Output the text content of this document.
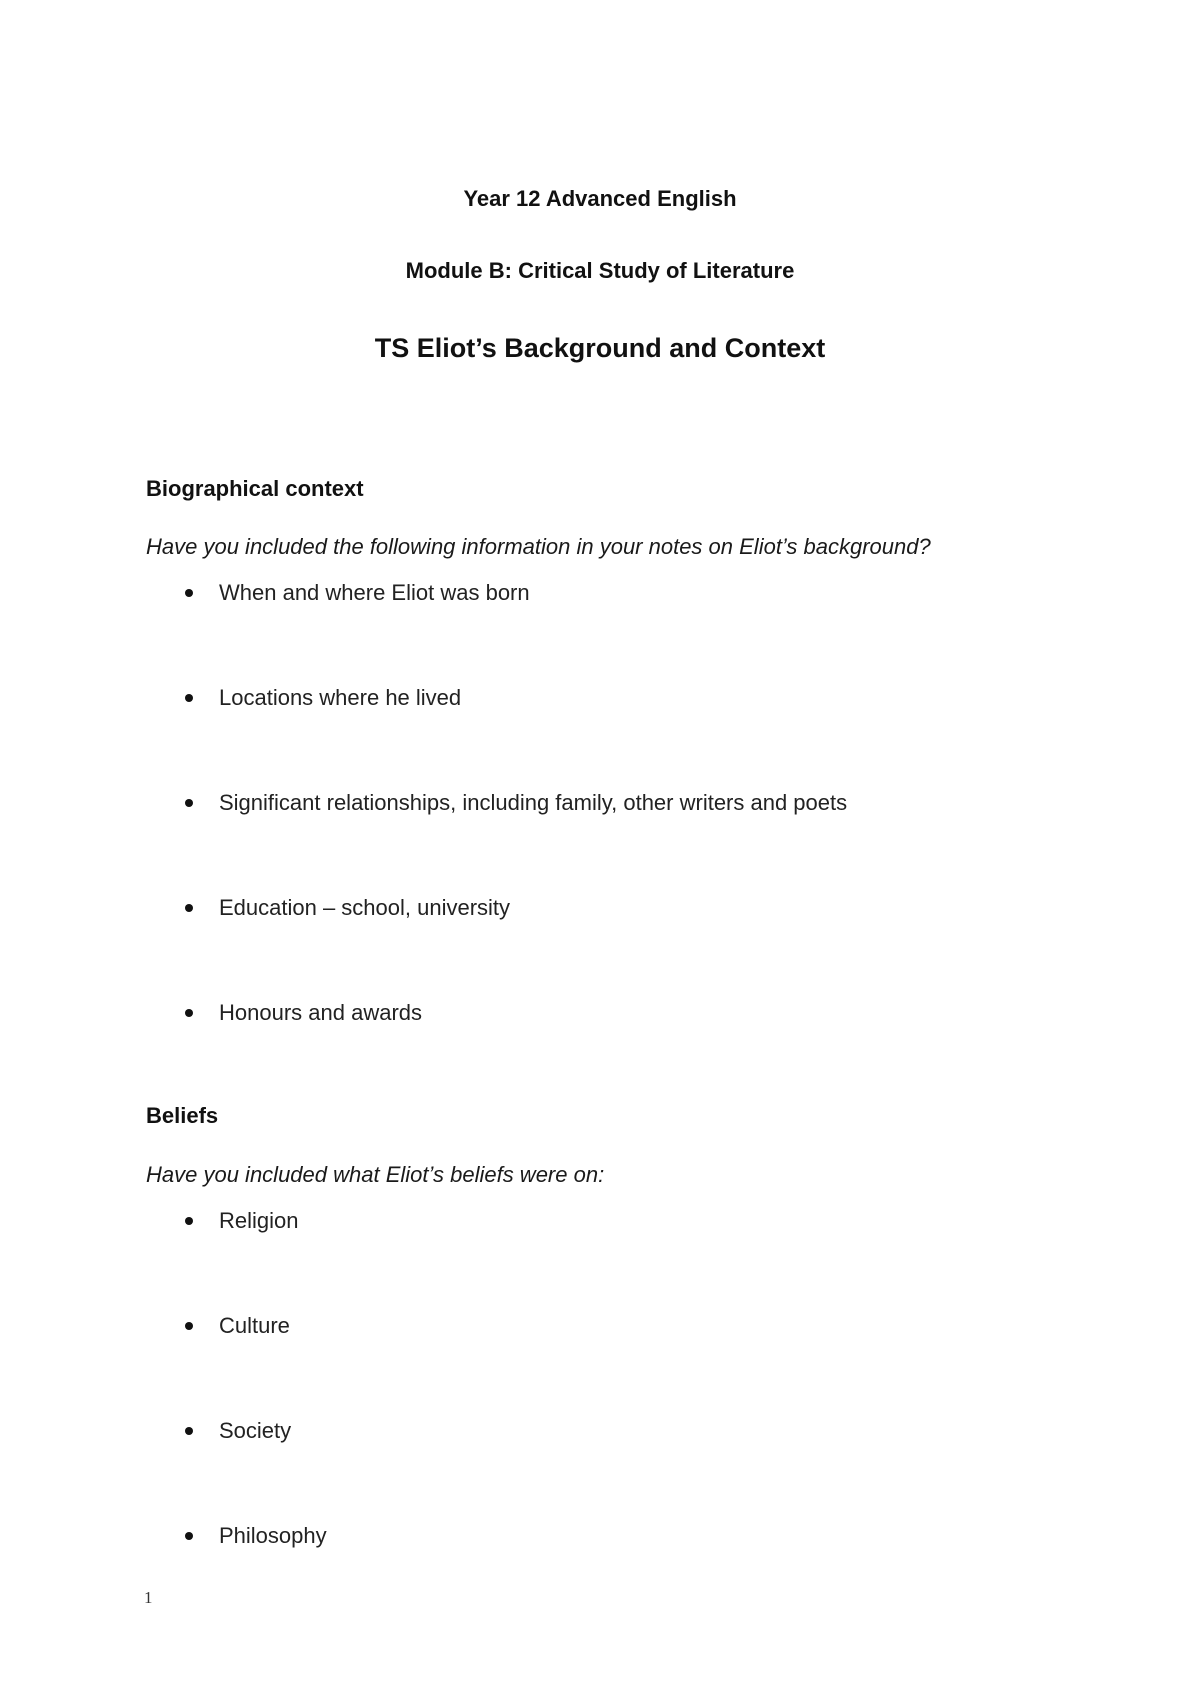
Year 12 Advanced English

Module B: Critical Study of Literature

TS Eliot’s Background and Context
Biographical context

Have you included the following information in your notes on Eliot’s background?

When and where Eliot was born
Locations where he lived
Significant relationships, including family, other writers and poets
Education – school, university
Honours and awards
Beliefs

Have you included what Eliot’s beliefs were on:

Religion
Culture
Society
Philosophy

1
